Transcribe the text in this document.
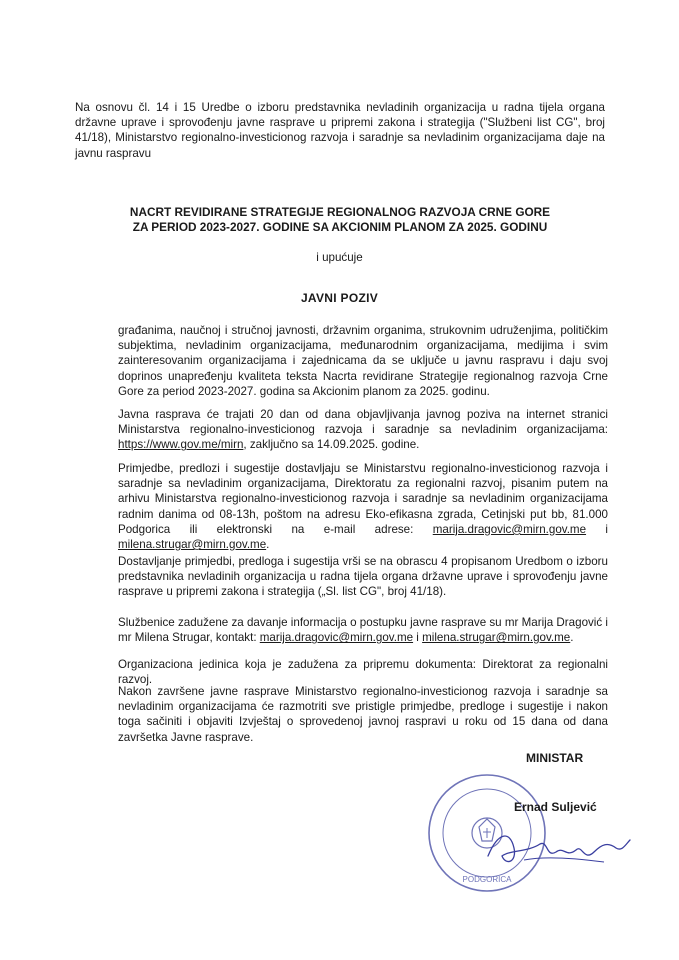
Na osnovu čl. 14 i 15 Uredbe o izboru predstavnika nevladinih organizacija u radna tijela organa državne uprave i sprovođenju javne rasprave u pripremi zakona i strategija ("Službeni list CG", broj 41/18), Ministarstvo regionalno-investicionog razvoja i saradnje sa nevladinim organizacijama daje na javnu raspravu
NACRT REVIDIRANE STRATEGIJE REGIONALNOG RAZVOJA CRNE GORE
ZA PERIOD 2023-2027. GODINE SA AKCIONIM PLANOM ZA 2025. GODINU
i upućuje
JAVNI POZIV
građanima, naučnoj i stručnoj javnosti, državnim organima, strukovnim udruženjima, političkim subjektima, nevladinim organizacijama, međunarodnim organizacijama, medijima i svim zainteresovanim organizacijama i zajednicama da se uključe u javnu raspravu i daju svoj doprinos unapređenju kvaliteta teksta Nacrta revidirane Strategije regionalnog razvoja Crne Gore za period 2023-2027. godina sa Akcionim planom za 2025. godinu.
Javna rasprava će trajati 20 dan od dana objavljivanja javnog poziva na internet stranici Ministarstva regionalno-investicionog razvoja i saradnje sa nevladinim organizacijama: https://www.gov.me/mirn, zaključno sa 14.09.2025. godine.
Primjedbe, predlozi i sugestije dostavljaju se Ministarstvu regionalno-investicionog razvoja i saradnje sa nevladinim organizacijama, Direktoratu za regionalni razvoj, pisanim putem na arhivu Ministarstva regionalno-investicionog razvoja i saradnje sa nevladinim organizacijama radnim danima od 08-13h, poštom na adresu Eko-efikasna zgrada, Cetinjski put bb, 81.000 Podgorica ili elektronski na e-mail adrese: marija.dragovic@mirn.gov.me i milena.strugar@mirn.gov.me.
Dostavljanje primjedbi, predloga i sugestija vrši se na obrascu 4 propisanom Uredbom o izboru predstavnika nevladinih organizacija u radna tijela organa državne uprave i sprovođenju javne rasprave u pripremi zakona i strategija („Sl. list CG", broj 41/18).
Službenice zadužene za davanje informacija o postupku javne rasprave su mr Marija Dragović i mr Milena Strugar, kontakt: marija.dragovic@mirn.gov.me i milena.strugar@mirn.gov.me.
Organizaciona jedinica koja je zadužena za pripremu dokumenta: Direktorat za regionalni razvoj.
Nakon završene javne rasprave Ministarstvo regionalno-investicionog razvoja i saradnje sa nevladinim organizacijama će razmotriti sve pristigle primjedbe, predloge i sugestije i nakon toga sačiniti i objaviti Izvještaj o sprovedenoj javnoj raspravi u roku od 15 dana od dana završetka Javne rasprave.
MINISTAR
PODGORICA
Ernad Suljević
